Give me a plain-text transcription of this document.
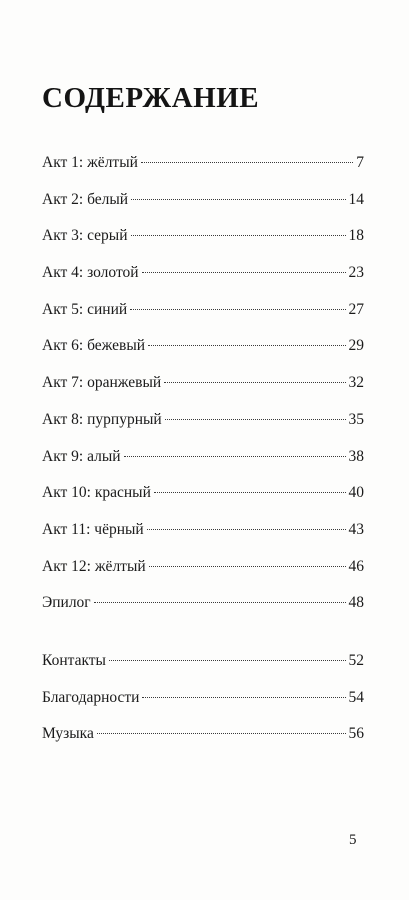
СОДЕРЖАНИЕ
Акт 1: жёлтый	7
Акт 2: белый	14
Акт 3: серый	18
Акт 4: золотой	23
Акт 5: синий	27
Акт 6: бежевый	29
Акт 7: оранжевый	32
Акт 8: пурпурный	35
Акт 9: алый	38
Акт 10: красный	40
Акт 11: чёрный	43
Акт 12: жёлтый	46
Эпилог	48
Контакты	52
Благодарности	54
Музыка	56
5
